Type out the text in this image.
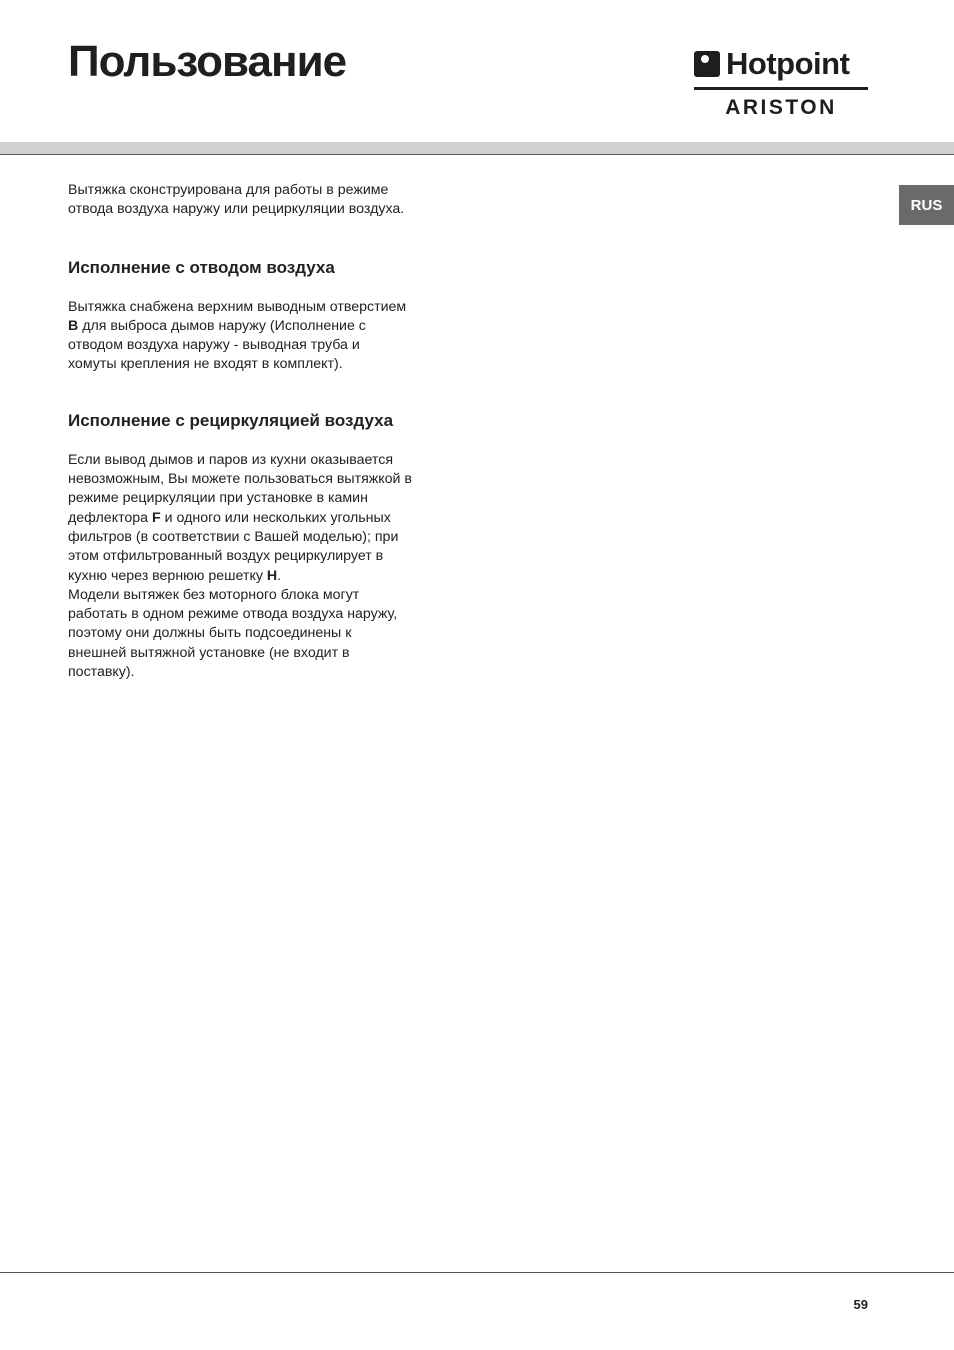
Пользование	Hotpoint
ARISTON
RUS

Вытяжка сконструирована для работы в режиме
отвода воздуха наружу или рециркуляции воздуха.

Исполнение с отводом воздуха

Вытяжка снабжена верхним выводным отверстием
B для выброса дымов наружу (Исполнение с
отводом воздуха наружу - выводная труба и
хомуты крепления не входят в комплект).

Исполнение с рециркуляцией воздуха

Если вывод дымов и паров из кухни оказывается
невозможным, Вы можете пользоваться вытяжкой в
режиме рециркуляции при установке в камин
дефлектора F и одного или нескольких угольных
фильтров (в соответствии с Вашей моделью); при
этом отфильтрованный воздух рециркулирует в
кухню через вернюю решетку H.
Модели вытяжек без моторного блока могут
работать в одном режиме отвода воздуха наружу,
поэтому они должны быть подсоединены к
внешней вытяжной установке (не входит в
поставку).

59
